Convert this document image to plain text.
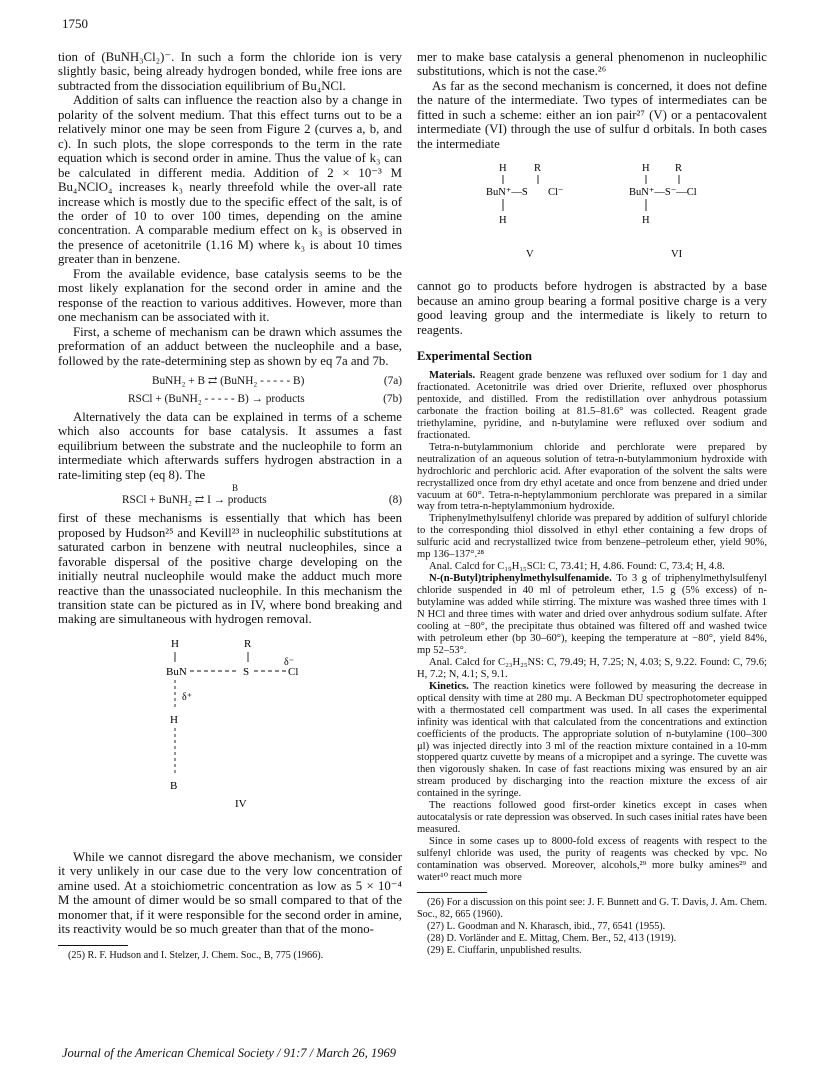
1750

tion of (BuNH₃Cl₂)⁻. In such a form the chloride ion is very slightly basic, being already hydrogen bonded, while free ions are subtracted from the dissociation equilibrium of Bu₄NCl.

Addition of salts can influence the reaction also by a change in polarity of the solvent medium. That this effect turns out to be a relatively minor one may be seen from Figure 2 (curves a, b, and c). In such plots, the slope corresponds to the term in the rate equation which is second order in amine. Thus the value of k₃ can be calculated in different media. Addition of 2 × 10⁻³ M Bu₄NClO₄ increases k₃ nearly threefold while the over-all rate increase which is mostly due to the specific effect of the salt, is of the order of 10 to over 100 times, depending on the amine concentration. A comparable medium effect on k₃ is observed in the presence of acetonitrile (1.16 M) where k₃ is about 10 times greater than in benzene.

From the available evidence, base catalysis seems to be the most likely explanation for the second order in amine and the response of the reaction to various additives. However, more than one mechanism can be associated with it.

First, a scheme of mechanism can be drawn which assumes the preformation of an adduct between the nucleophile and a base, followed by the rate-determining step as shown by eq 7a and 7b.

BuNH₂ + B ⇄ (BuNH₂ - - - - - B)	(7a)
RSCl + (BuNH₂ - - - - - B) → products	(7b)

Alternatively the data can be explained in terms of a scheme which also accounts for base catalysis. It assumes a fast equilibrium between the substrate and the nucleophile to form an intermediate which afterwards suffers hydrogen abstraction in a rate-limiting step (eq 8). The

B
RSCl + BuNH₂ ⇄ I → products	(8)

first of these mechanisms is essentially that which has been proposed by Hudson²⁵ and Kevill²³ in nucleophilic substitutions at saturated carbon in benzene with neutral nucleophiles, since a favorable dispersal of the positive charge developing on the initially neutral nucleophile would make the adduct much more reactive than the unassociated nucleophile. In this mechanism the transition state can be pictured as in IV, where bond breaking and making are simultaneous with hydrogen removal.

H	R
δ⁻
BuN	S	Cl
δ⁺
H
B
IV

While we cannot disregard the above mechanism, we consider it very unlikely in our case due to the very low concentration of amine used. At a stoichiometric concentration as low as 5 × 10⁻⁴ M the amount of dimer would be so small compared to that of the monomer that, if it were responsible for the second order in amine, its reactivity would be so much greater than that of the mono-

(25) R. F. Hudson and I. Stelzer, J. Chem. Soc., B, 775 (1966).

mer to make base catalysis a general phenomenon in nucleophilic substitutions, which is not the case.²⁶

As far as the second mechanism is concerned, it does not define the nature of the intermediate. Two types of intermediates can be fitted in such a scheme: either an ion pair²⁷ (V) or a pentacovalent intermediate (VI) through the use of sulfur d orbitals. In both cases the intermediate

H	R
BuN⁺—S Cl⁻
H
V
H R
BuN⁺—S⁻—Cl
H
VI

cannot go to products before hydrogen is abstracted by a base because an amino group bearing a formal positive charge is a very good leaving group and the intermediate is likely to return to reagents.

Experimental Section

Materials. Reagent grade benzene was refluxed over sodium for 1 day and fractionated. Acetonitrile was dried over Drierite, refluxed over phosphorus pentoxide, and distilled. From the redistillation over anhydrous potassium carbonate the fraction boiling at 81.5–81.6° was collected. Reagent grade triethylamine, pyridine, and n-butylamine were refluxed over sodium and fractionated.

Tetra-n-butylammonium chloride and perchlorate were prepared by neutralization of an aqueous solution of tetra-n-butylammonium hydroxide with hydrochloric and perchloric acid. After evaporation of the solvent the salts were recrystallized once from dry ethyl acetate and once from benzene and dried under vacuum at 60°. Tetra-n-heptylammonium perchlorate was prepared in a similar way from tetra-n-heptylammonium hydroxide.

Triphenylmethylsulfenyl chloride was prepared by addition of sulfuryl chloride to the corresponding thiol dissolved in ethyl ether containing a few drops of sulfuric acid and recrystallized twice from benzene–petroleum ether, yield 90%, mp 136–137°.²⁸

Anal. Calcd for C₁₉H₁₅SCl: C, 73.41; H, 4.86. Found: C, 73.4; H, 4.8.

N-(n-Butyl)triphenylmethylsulfenamide. To 3 g of triphenylmethylsulfenyl chloride suspended in 40 ml of petroleum ether, 1.5 g (5% excess) of n-butylamine was added while stirring. The mixture was washed three times with 1 N HCl and three times with water and dried over anhydrous sodium sulfate. After cooling at −80°, the precipitate thus obtained was filtered off and washed twice with petroleum ether (bp 30–60°), keeping the temperature at −80°, yield 84%, mp 52–53°.

Anal. Calcd for C₂₃H₂₅NS: C, 79.49; H, 7.25; N, 4.03; S, 9.22. Found: C, 79.6; H, 7.2; N, 4.1; S, 9.1.

Kinetics. The reaction kinetics were followed by measuring the decrease in optical density with time at 280 mμ. A Beckman DU spectrophotometer equipped with a thermostated cell compartment was used. In all cases the experimental infinity was identical with that calculated from the concentrations and extinction coefficients of the products. The appropriate solution of n-butylamine (100–300 μl) was injected directly into 3 ml of the reaction mixture contained in a 10-mm stoppered quartz cuvette by means of a micropipet and a syringe. The cuvette was then vigorously shaken. In case of fast reactions mixing was ensured by an air stream produced by discharging into the reaction mixture the excess of air contained in the syringe.

The reactions followed good first-order kinetics except in cases when autocatalysis or rate depression was observed. In such cases initial rates have been measured.

Since in some cases up to 8000-fold excess of reagents with respect to the sulfenyl chloride was used, the purity of reagents was checked by vpc. No contamination was observed. Moreover, alcohols,²⁹ more bulky amines²⁹ and water¹⁰ react much more

(26) For a discussion on this point see: J. F. Bunnett and G. T. Davis, J. Am. Chem. Soc., 82, 665 (1960).

(27) L. Goodman and N. Kharasch, ibid., 77, 6541 (1955).

(28) D. Vorländer and E. Mittag, Chem. Ber., 52, 413 (1919).

(29) E. Ciuffarin, unpublished results.

Journal of the American Chemical Society / 91:7 / March 26, 1969
